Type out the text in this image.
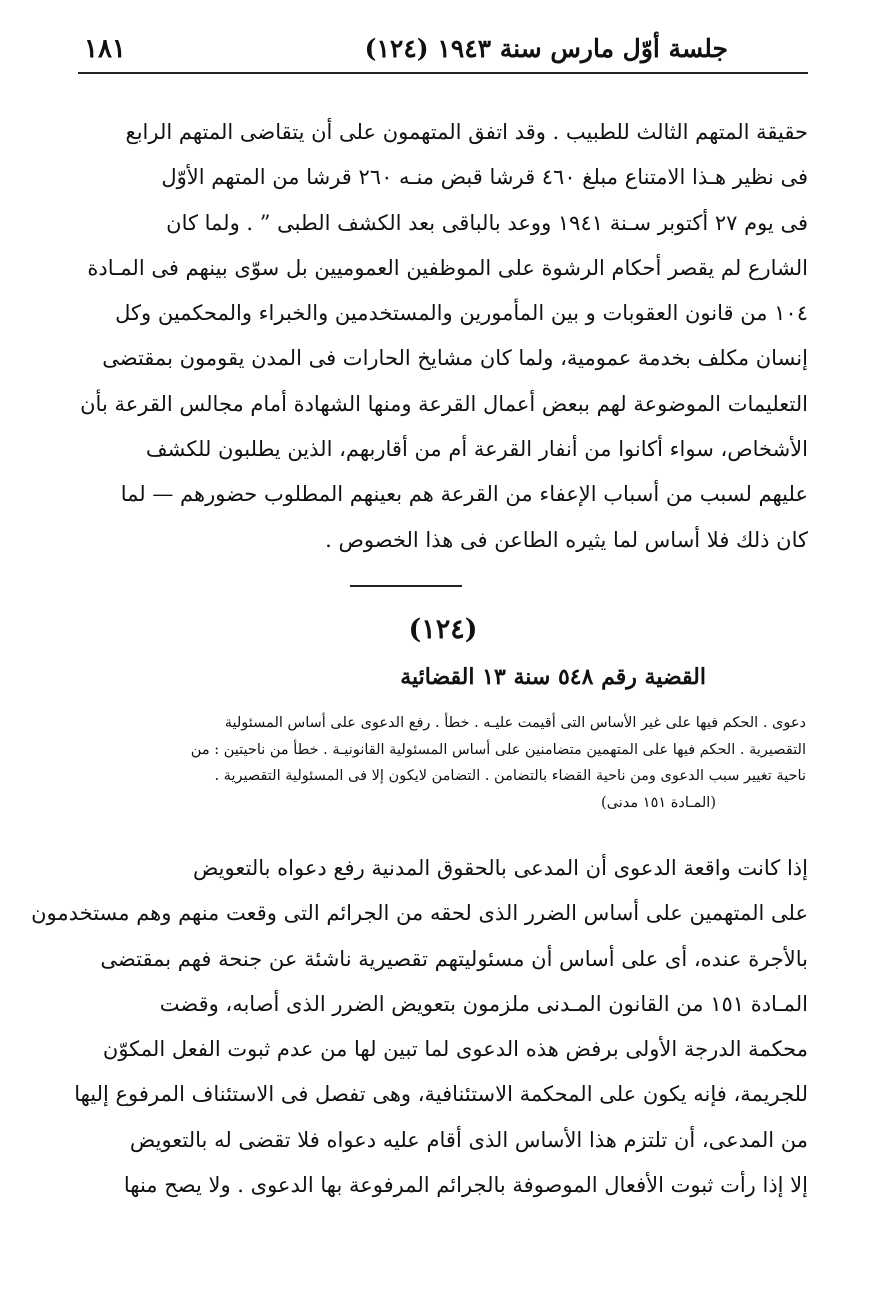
١٨١	جلسة أوّل مارس سنة ١٩٤٣ (١٢٤)
حقيقة المتهم الثالث للطبيب . وقد اتفق المتهمون على أن يتقاضى المتهم الرابع
فى نظير هـذا الامتناع مبلغ ٤٦٠ قرشا قبض منـه ٢٦٠ قرشا من المتهم الأوّل
فى يوم ٢٧ أكتوبر سـنة ١٩٤١ ووعد بالباقى بعد الكشف الطبى ” . ولما كان
الشارع لم يقصر أحكام الرشوة على الموظفين العموميين بل سوّى بينهم فى المـادة
١٠٤ من قانون العقوبات و بين المأمورين والمستخدمين والخبراء والمحكمين وكل
إنسان مكلف بخدمة عمومية، ولما كان مشايخ الحارات فى المدن يقومون بمقتضى
التعليمات الموضوعة لهم ببعض أعمال القرعة ومنها الشهادة أمام مجالس القرعة بأن
الأشخاص، سواء أكانوا من أنفار القرعة أم من أقاربهم، الذين يطلبون للكشف
عليهم لسبب من أسباب الإعفاء من القرعة هم بعينهم المطلوب حضورهم — لما
كان ذلك فلا أساس لما يثيره الطاعن فى هذا الخصوص .
(١٢٤)
القضية رقم ٥٤٨ سنة ١٣ القضائية
دعوى . الحكم فيها على غير الأساس التى أقيمت عليـه . خطأ . رفع الدعوى على أساس المسئولية
التقصيرية . الحكم فيها على المتهمين متضامنين على أساس المسئولية القانونيـة . خطأ من ناحيتين : من
ناحية تغيير سبب الدعوى ومن ناحية القضاء بالتضامن . التضامن لايكون إلا فى المسئولية التقصيرية .
(المـادة ١٥١ مدنى)
إذا كانت واقعة الدعوى أن المدعى بالحقوق المدنية رفع دعواه بالتعويض
على المتهمين على أساس الضرر الذى لحقه من الجرائم التى وقعت منهم وهم مستخدمون
بالأجرة عنده، أى على أساس أن مسئوليتهم تقصيرية ناشئة عن جنحة فهم بمقتضى
المـادة ١٥١ من القانون المـدنى ملزمون بتعويض الضرر الذى أصابه، وقضت
محكمة الدرجة الأولى برفض هذه الدعوى لما تبين لها من عدم ثبوت الفعل المكوّن
للجريمة، فإنه يكون على المحكمة الاستئنافية، وهى تفصل فى الاستئناف المرفوع إليها
من المدعى، أن تلتزم هذا الأساس الذى أقام عليه دعواه فلا تقضى له بالتعويض
إلا إذا رأت ثبوت الأفعال الموصوفة بالجرائم المرفوعة بها الدعوى . ولا يصح منها
